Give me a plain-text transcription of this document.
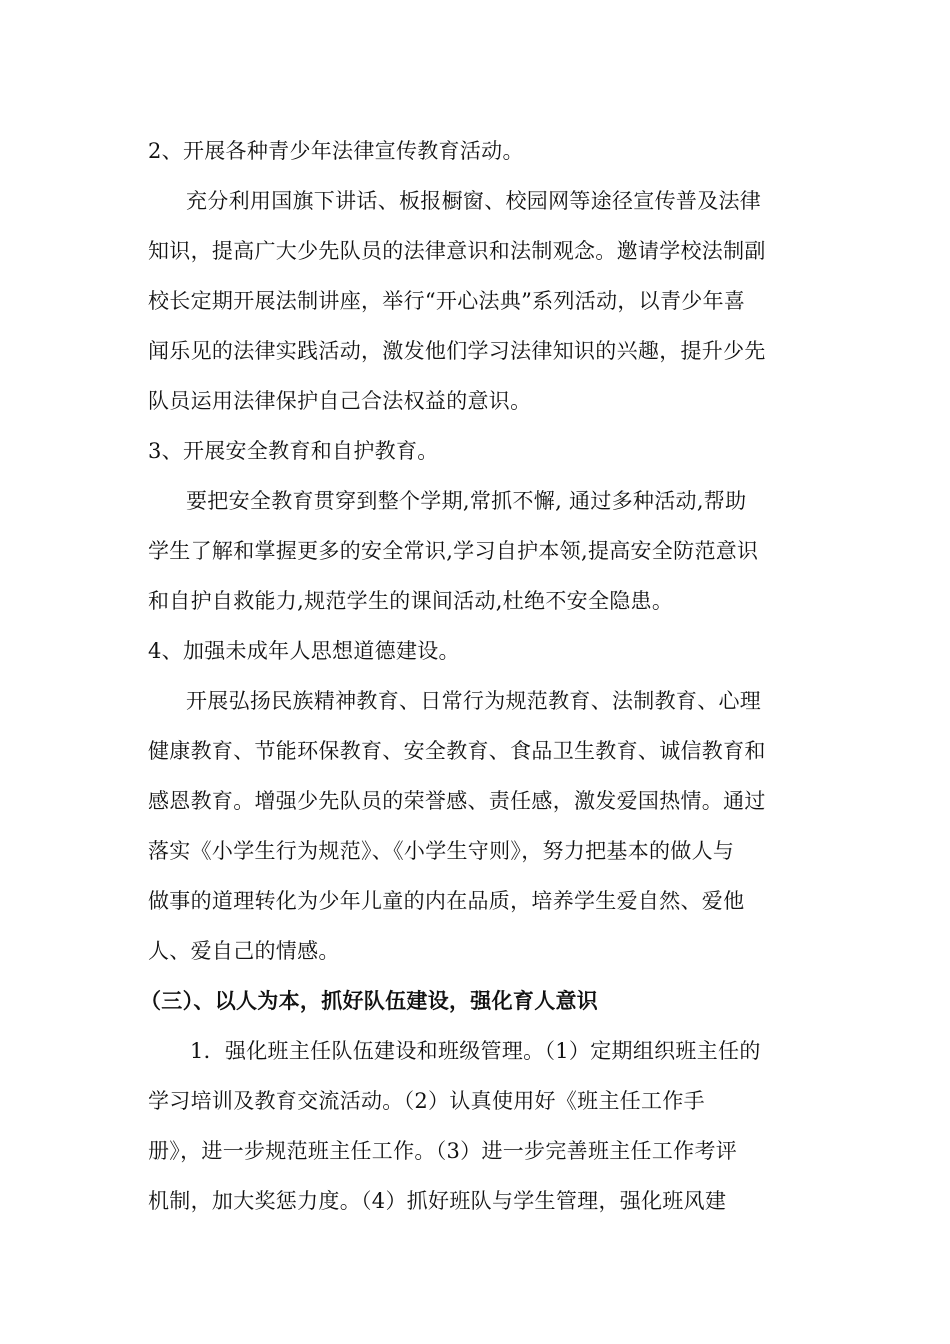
2、开展各种青少年法律宣传教育活动。
充分利用国旗下讲话、板报橱窗、校园网等途径宣传普及法律
知识，提高广大少先队员的法律意识和法制观念。邀请学校法制副
校长定期开展法制讲座，举行“开心法典”系列活动，以青少年喜
闻乐见的法律实践活动，激发他们学习法律知识的兴趣，提升少先
队员运用法律保护自己合法权益的意识。
3、开展安全教育和自护教育。
要把安全教育贯穿到整个学期,常抓不懈, 通过多种活动,帮助
学生了解和掌握更多的安全常识,学习自护本领,提高安全防范意识
和自护自救能力,规范学生的课间活动,杜绝不安全隐患。
4、加强未成年人思想道德建设。
开展弘扬民族精神教育、日常行为规范教育、法制教育、心理
健康教育、节能环保教育、安全教育、食品卫生教育、诚信教育和
感恩教育。增强少先队员的荣誉感、责任感，激发爱国热情。通过
落实《小学生行为规范》、《小学生守则》，努力把基本的做人与
做事的道理转化为少年儿童的内在品质，培养学生爱自然、爱他
人、爱自己的情感。
（三）、以人为本，抓好队伍建设，强化育人意识
1．强化班主任队伍建设和班级管理。（1）定期组织班主任的
学习培训及教育交流活动。（2）认真使用好《班主任工作手
册》，进一步规范班主任工作。（3）进一步完善班主任工作考评
机制，加大奖惩力度。（4）抓好班队与学生管理，强化班风建
